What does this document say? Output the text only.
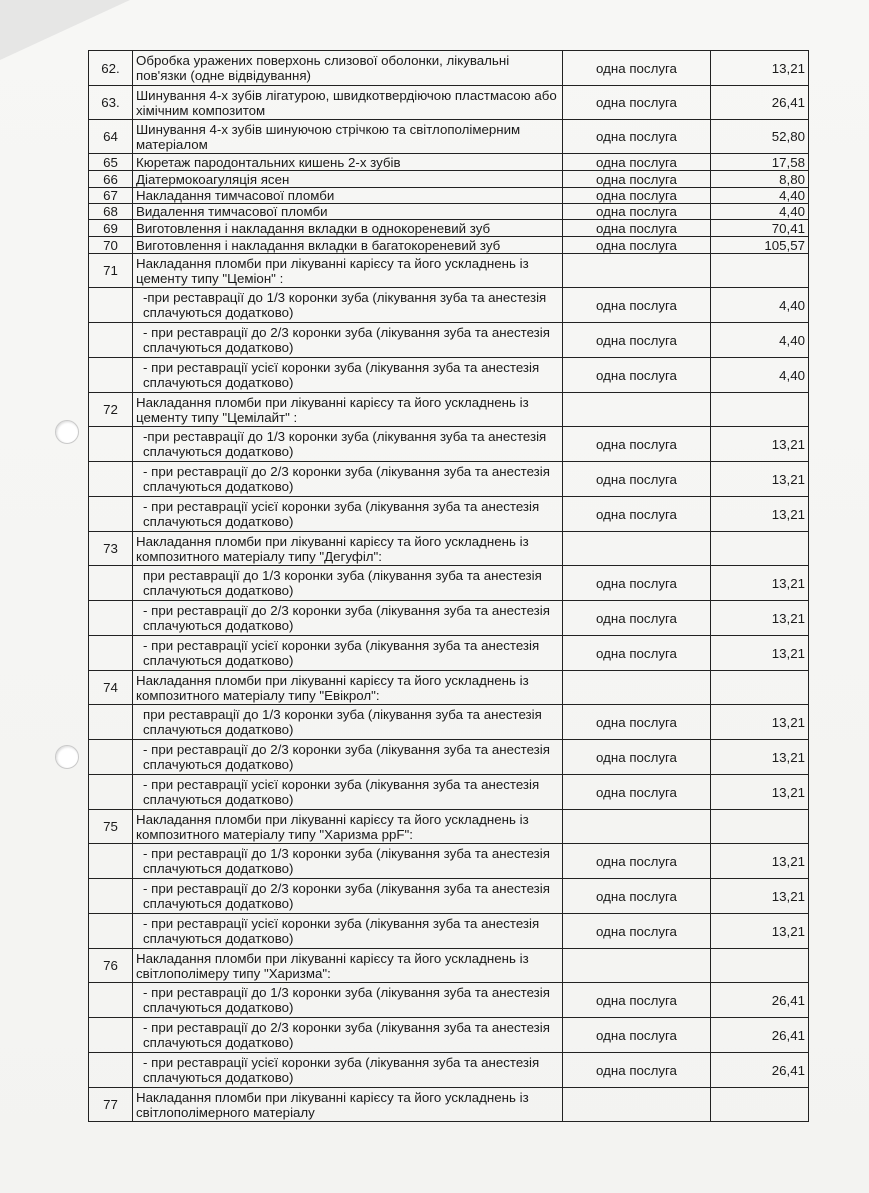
62.	Обробка уражених поверхонь слизової оболонки, лікувальні пов'язки (одне відвідування)	одна послуга	13,21
63.	Шинування 4-х зубів лігатурою, швидкотвердіючою пластмасою або хімічним композитом	одна послуга	26,41
64	Шинування 4-х зубів шинуючою стрічкою та світлополімерним матеріалом	одна послуга	52,80
65	Кюретаж пародонтальних кишень 2-х зубів	одна послуга	17,58
66	Діатермокоагуляція ясен	одна послуга	8,80
67	Накладання тимчасової пломби	одна послуга	4,40
68	Видалення тимчасової пломби	одна послуга	4,40
69	Виготовлення і накладання вкладки в однокореневий зуб	одна послуга	70,41
70	Виготовлення і накладання вкладки в багатокореневий зуб	одна послуга	105,57
71	Накладання пломби при лікуванні карієсу та його ускладнень із цементу типу "Цеміон" :		
	-при реставрації до 1/3 коронки зуба (лікування зуба та анестезія сплачуються додатково)	одна послуга	4,40
	- при реставрації до 2/3 коронки зуба (лікування зуба та анестезія сплачуються додатково)	одна послуга	4,40
	- при реставрації усієї коронки зуба (лікування зуба та анестезія сплачуються додатково)	одна послуга	4,40
72	Накладання пломби при лікуванні карієсу та його ускладнень із цементу типу "Цемілайт" :		
	-при реставрації до 1/3 коронки зуба (лікування зуба та анестезія сплачуються додатково)	одна послуга	13,21
	- при реставрації до 2/3 коронки зуба (лікування зуба та анестезія сплачуються додатково)	одна послуга	13,21
	- при реставрації усієї коронки зуба (лікування зуба та анестезія сплачуються додатково)	одна послуга	13,21
73	Накладання пломби при лікуванні карієсу та його ускладнень із композитного матеріалу типу "Дегуфіл":		
	при реставрації до 1/3 коронки зуба (лікування зуба та анестезія сплачуються додатково)	одна послуга	13,21
	- при реставрації до 2/3 коронки зуба (лікування зуба та анестезія сплачуються додатково)	одна послуга	13,21
	- при реставрації усієї коронки зуба (лікування зуба та анестезія сплачуються додатково)	одна послуга	13,21
74	Накладання пломби при лікуванні карієсу та його ускладнень із композитного матеріалу типу "Евікрол":		
	при реставрації до 1/3 коронки зуба (лікування зуба та анестезія сплачуються додатково)	одна послуга	13,21
	- при реставрації до 2/3 коронки зуба (лікування зуба та анестезія сплачуються додатково)	одна послуга	13,21
	- при реставрації усієї коронки зуба (лікування зуба та анестезія сплачуються додатково)	одна послуга	13,21
75	Накладання пломби при лікуванні карієсу та його ускладнень із композитного матеріалу типу "Харизма ррF":		
	- при реставрації до 1/3 коронки зуба (лікування зуба та анестезія сплачуються додатково)	одна послуга	13,21
	- при реставрації до 2/3 коронки зуба (лікування зуба та анестезія сплачуються додатково)	одна послуга	13,21
	- при реставрації усієї коронки зуба (лікування зуба та анестезія сплачуються додатково)	одна послуга	13,21
76	Накладання пломби при лікуванні карієсу та його ускладнень із світлополімеру типу "Харизма":		
	- при реставрації до 1/3 коронки зуба (лікування зуба та анестезія сплачуються додатково)	одна послуга	26,41
	- при реставрації до 2/3 коронки зуба (лікування зуба та анестезія сплачуються додатково)	одна послуга	26,41
	- при реставрації усієї коронки зуба (лікування зуба та анестезія сплачуються додатково)	одна послуга	26,41
77	Накладання пломби при лікуванні карієсу та його ускладнень із світлополімерного матеріалу		
